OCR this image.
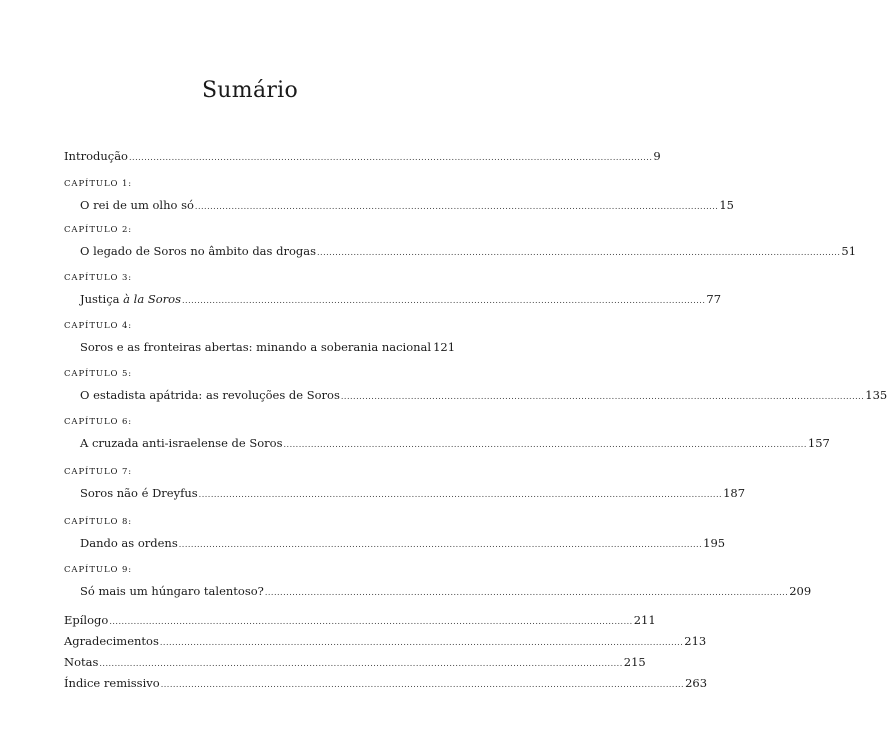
Sumário
Introdução ............................................................................................................................................................................ 9
CAPÍTULO 1:
O rei de um olho só ............................................................................................................................................................................ 15
CAPÍTULO 2:
O legado de Soros no âmbito das drogas ............................................................................................................................................................................ 51
CAPÍTULO 3:
Justiça à la Soros ............................................................................................................................................................................ 77
CAPÍTULO 4:
Soros e as fronteiras abertas: minando a soberania nacional 121
CAPÍTULO 5:
O estadista apátrida: as revoluções de Soros ............................................................................................................................................................................ 135
CAPÍTULO 6:
A cruzada anti-israelense de Soros ............................................................................................................................................................................ 157
CAPÍTULO 7:
Soros não é Dreyfus ............................................................................................................................................................................ 187
CAPÍTULO 8:
Dando as ordens ............................................................................................................................................................................ 195
CAPÍTULO 9:
Só mais um húngaro talentoso? ............................................................................................................................................................................ 209
Epílogo ............................................................................................................................................................................ 211
Agradecimentos ............................................................................................................................................................................ 213
Notas ............................................................................................................................................................................ 215
Índice remissivo ............................................................................................................................................................................ 263
